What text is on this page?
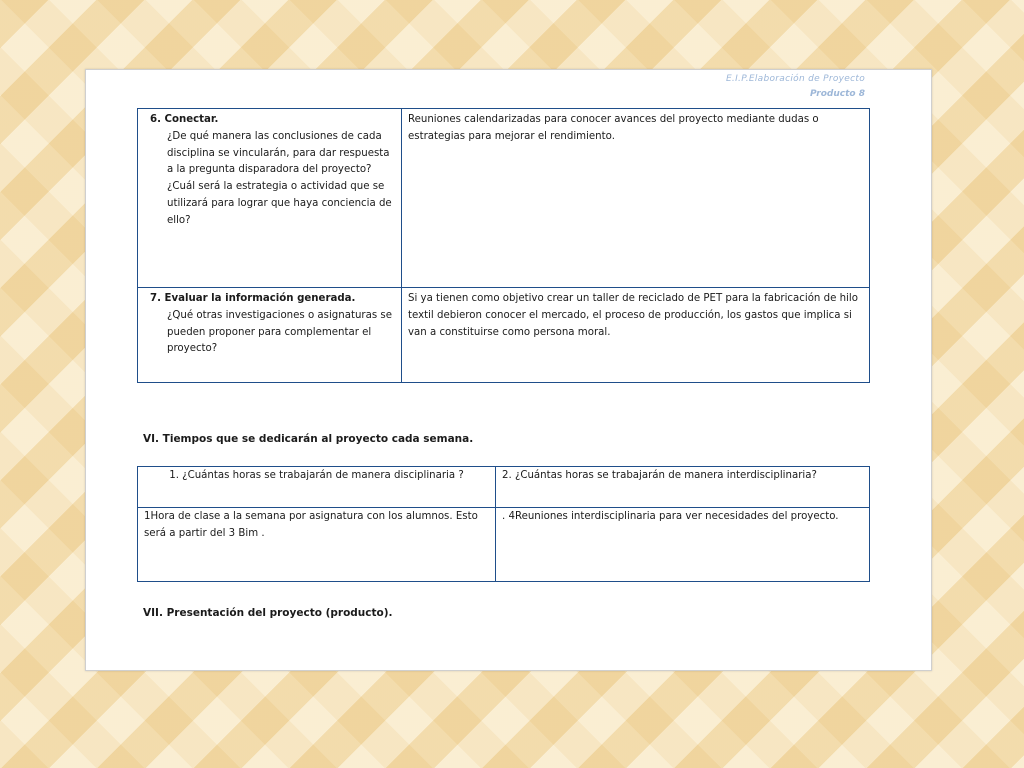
E.I.P.Elaboración de Proyecto
Producto 8
6. Conectar.
¿De qué manera las conclusiones de cada disciplina se vincularán, para dar respuesta a la pregunta disparadora del proyecto? ¿Cuál será la estrategia o actividad que se utilizará para lograr que haya conciencia de ello?	Reuniones calendarizadas para conocer avances del proyecto mediante dudas o estrategias para mejorar el rendimiento.

7. Evaluar la información generada.
¿Qué otras investigaciones o asignaturas se pueden proponer para complementar el proyecto?	Si ya tienen como objetivo crear un taller de reciclado de PET para la fabricación de hilo textil debieron conocer el mercado, el proceso de producción, los gastos que implica si van a constituirse como persona moral.
VI. Tiempos que se dedicarán al proyecto cada semana.
1. ¿Cuántas horas se trabajarán de manera disciplinaria ?	2. ¿Cuántas horas se trabajarán de manera interdisciplinaria?
1Hora de clase a la semana por asignatura con los alumnos. Esto será a partir del 3 Bim .	. 4Reuniones interdisciplinaria para ver necesidades del proyecto.
VII. Presentación del proyecto (producto).
